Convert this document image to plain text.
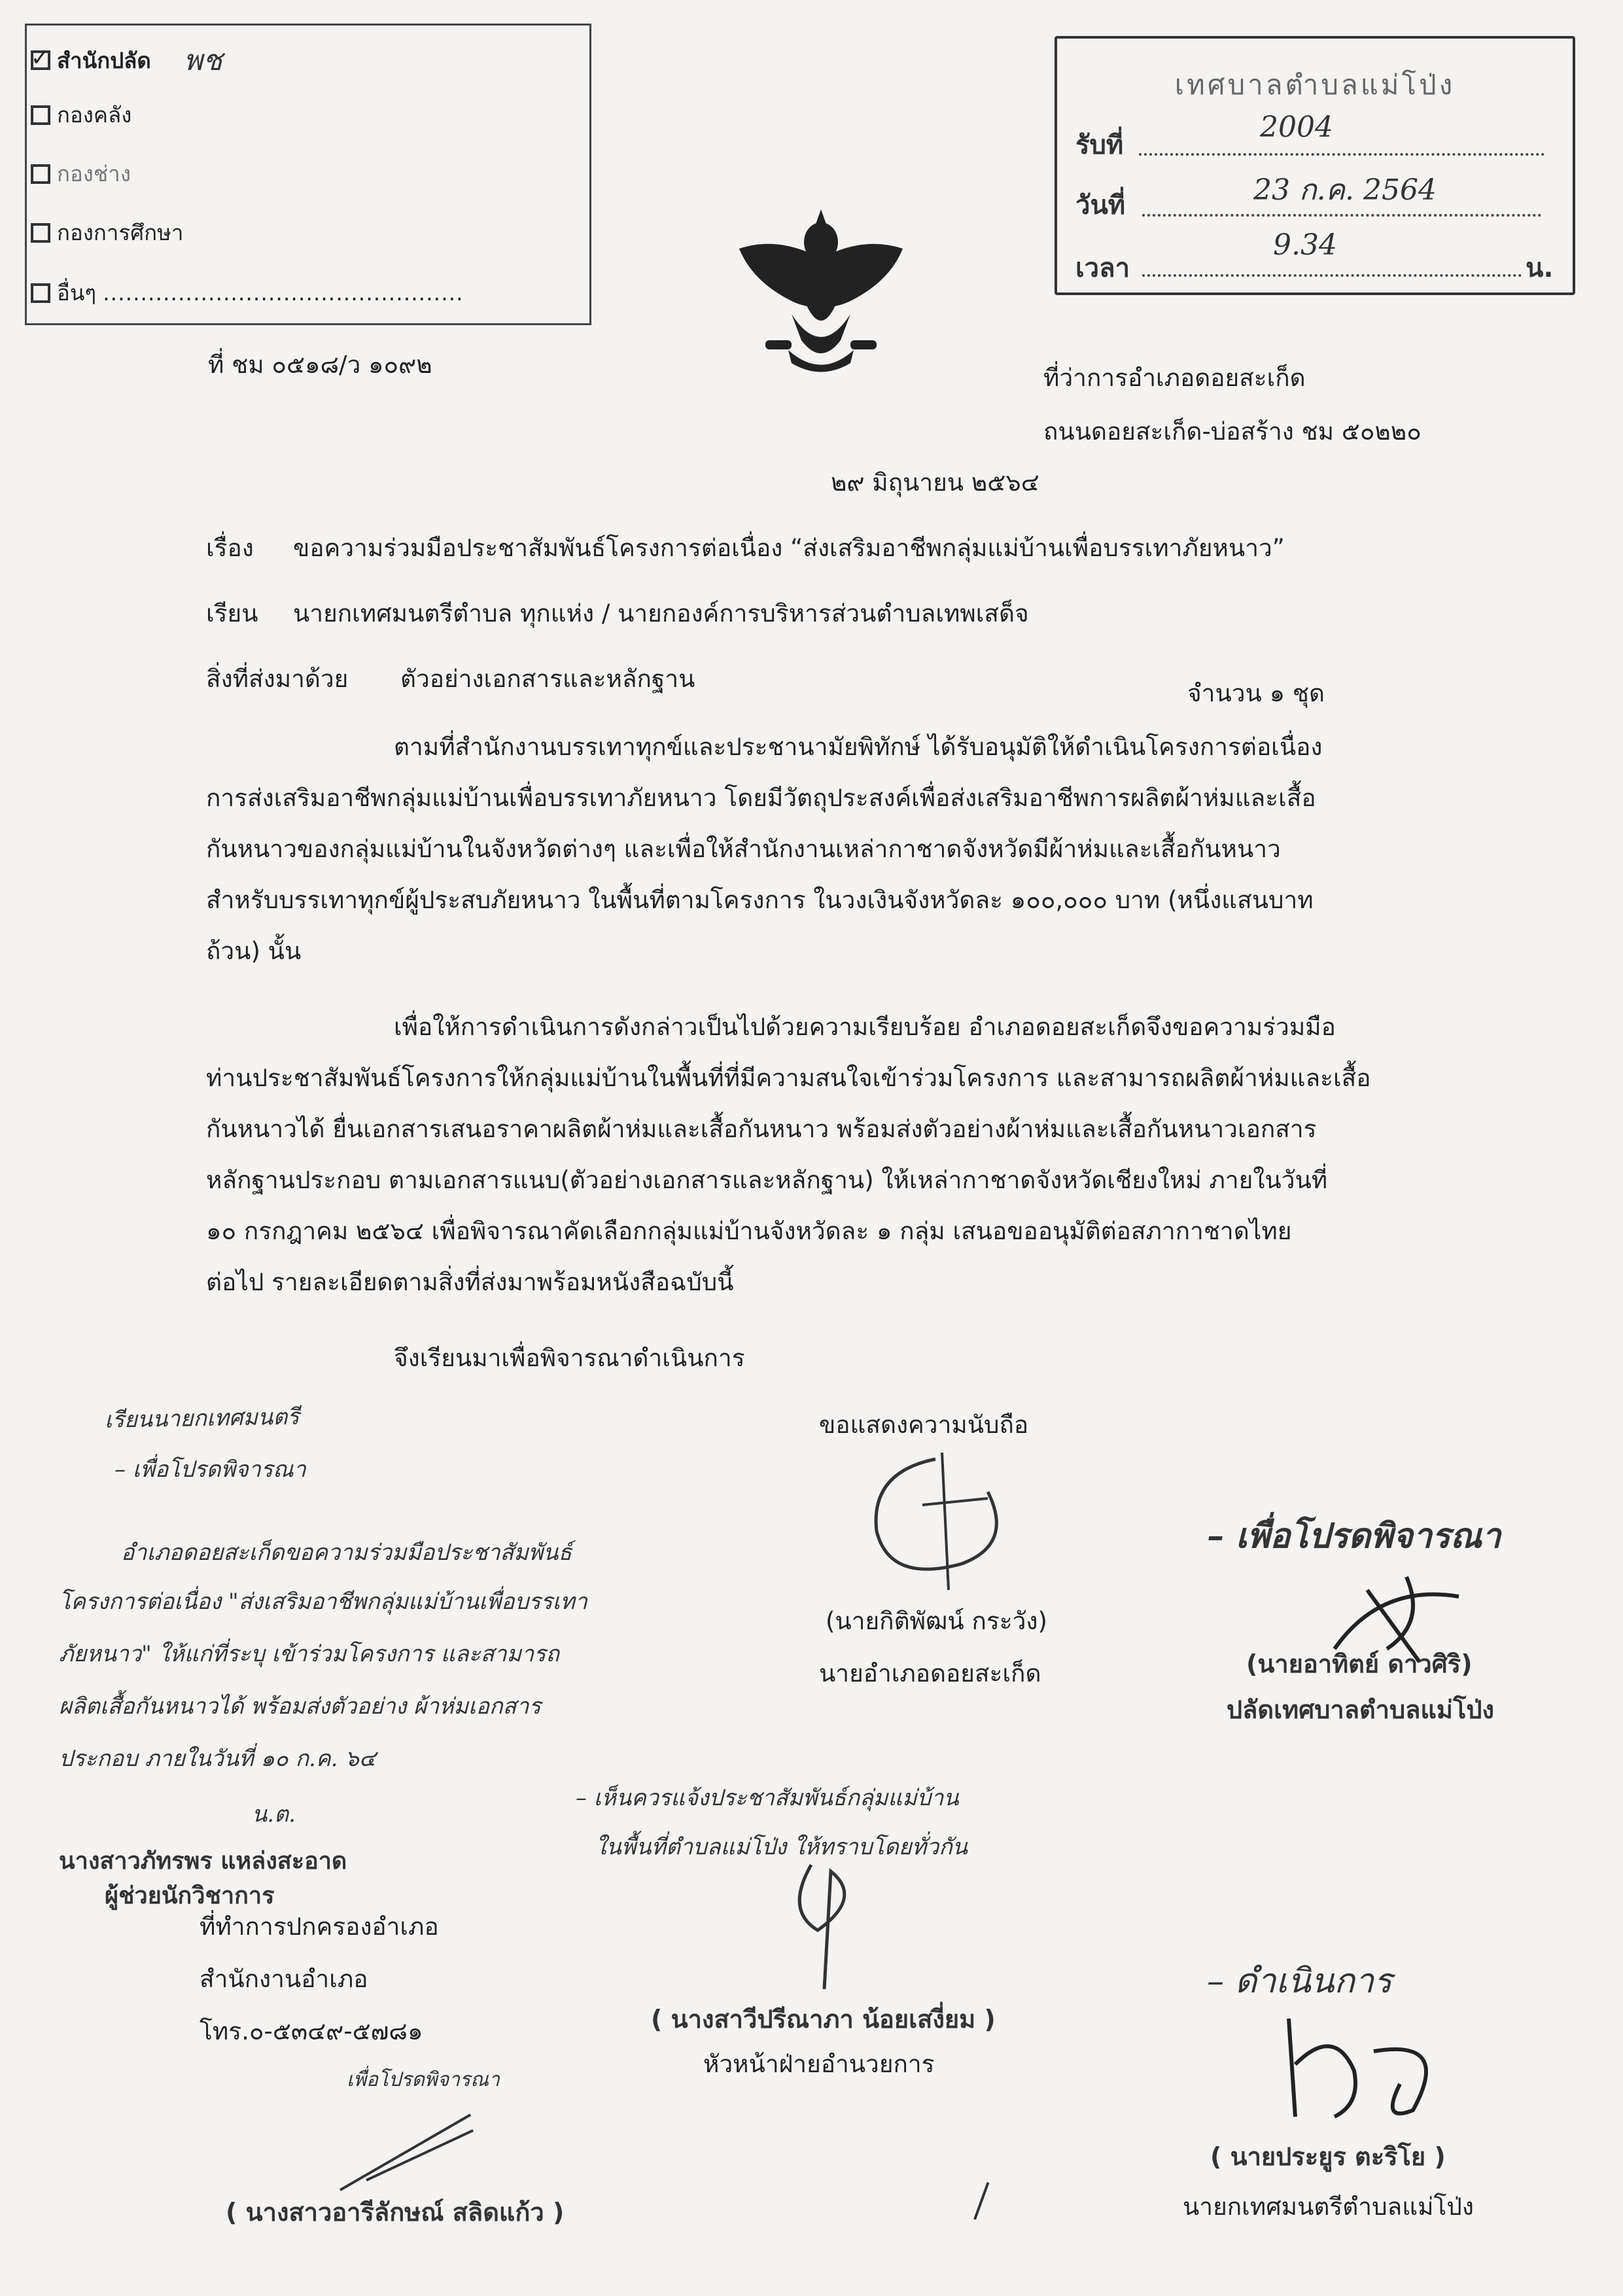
✓ สำนักปลัด พช
กองคลัง
กองช่าง
กองการศึกษา
อื่นๆ ................................................
เทศบาลตำบลแม่โป่ง
รับที่
2004
วันที่	23 ก.ค. 2564
เวลา
9.34
น.
ที่ ชม ๐๕๑๘/ว ๑๐๙๒	ที่ว่าการอำเภอดอยสะเก็ด
ถนนดอยสะเก็ด-บ่อสร้าง ชม ๕๐๒๒๐
๒๙ มิถุนายน ๒๕๖๔
เรื่อง ขอความร่วมมือประชาสัมพันธ์โครงการต่อเนื่อง “ส่งเสริมอาชีพกลุ่มแม่บ้านเพื่อบรรเทาภัยหนาว”
เรียน นายกเทศมนตรีตำบล ทุกแห่ง / นายกองค์การบริหารส่วนตำบลเทพเสด็จ
สิ่งที่ส่งมาด้วย ตัวอย่างเอกสารและหลักฐาน
จำนวน ๑ ชุด
ตามที่สำนักงานบรรเทาทุกข์และประชานามัยพิทักษ์ ได้รับอนุมัติให้ดำเนินโครงการต่อเนื่อง
การส่งเสริมอาชีพกลุ่มแม่บ้านเพื่อบรรเทาภัยหนาว โดยมีวัตถุประสงค์เพื่อส่งเสริมอาชีพการผลิตผ้าห่มและเสื้อ
กันหนาวของกลุ่มแม่บ้านในจังหวัดต่างๆ และเพื่อให้สำนักงานเหล่ากาชาดจังหวัดมีผ้าห่มและเสื้อกันหนาว
สำหรับบรรเทาทุกข์ผู้ประสบภัยหนาว ในพื้นที่ตามโครงการ ในวงเงินจังหวัดละ ๑๐๐,๐๐๐ บาท (หนึ่งแสนบาท
ถ้วน) นั้น
เพื่อให้การดำเนินการดังกล่าวเป็นไปด้วยความเรียบร้อย อำเภอดอยสะเก็ดจึงขอความร่วมมือ
ท่านประชาสัมพันธ์โครงการให้กลุ่มแม่บ้านในพื้นที่ที่มีความสนใจเข้าร่วมโครงการ และสามารถผลิตผ้าห่มและเสื้อ
กันหนาวได้ ยื่นเอกสารเสนอราคาผลิตผ้าห่มและเสื้อกันหนาว พร้อมส่งตัวอย่างผ้าห่มและเสื้อกันหนาวเอกสาร
หลักฐานประกอบ ตามเอกสารแนบ(ตัวอย่างเอกสารและหลักฐาน) ให้เหล่ากาชาดจังหวัดเชียงใหม่ ภายในวันที่
๑๐ กรกฎาคม ๒๕๖๔ เพื่อพิจารณาคัดเลือกกลุ่มแม่บ้านจังหวัดละ ๑ กลุ่ม เสนอขออนุมัติต่อสภากาชาดไทย
ต่อไป รายละเอียดตามสิ่งที่ส่งมาพร้อมหนังสือฉบับนี้
จึงเรียนมาเพื่อพิจารณาดำเนินการ
ขอแสดงความนับถือ
(นายกิติพัฒน์ กระวัง)
นายอำเภอดอยสะเก็ด
เรียนนายกเทศมนตรี
– เพื่อโปรดพิจารณา
อำเภอดอยสะเก็ดขอความร่วมมือประชาสัมพันธ์
โครงการต่อเนื่อง "ส่งเสริมอาชีพกลุ่มแม่บ้านเพื่อบรรเทา
ภัยหนาว" ให้แก่ที่ระบุ เข้าร่วมโครงการ และสามารถ
ผลิตเสื้อกันหนาวได้ พร้อมส่งตัวอย่าง ผ้าห่มเอกสาร
ประกอบ ภายในวันที่ ๑๐ ก.ค. ๖๔
น.ต.
นางสาวภัทรพร แหล่งสะอาด
ผู้ช่วยนักวิชาการ
ที่ทำการปกครองอำเภอ
สำนักงานอำเภอ
โทร.๐-๕๓๔๙-๕๗๘๑
เพื่อโปรดพิจารณา
( นางสาวอารีลักษณ์ สลิดแก้ว )
– เห็นควรแจ้งประชาสัมพันธ์กลุ่มแม่บ้าน
ในพื้นที่ตำบลแม่โป่ง ให้ทราบโดยทั่วกัน
( นางสาวีปรีณาภา น้อยเสงี่ยม )
หัวหน้าฝ่ายอำนวยการ
– เพื่อโปรดพิจารณา
(นายอาทิตย์ ดาวศิริ)
ปลัดเทศบาลตำบลแม่โป่ง
– ดำเนินการ
( นายประยูร ตะริโย )
นายกเทศมนตรีตำบลแม่โป่ง
